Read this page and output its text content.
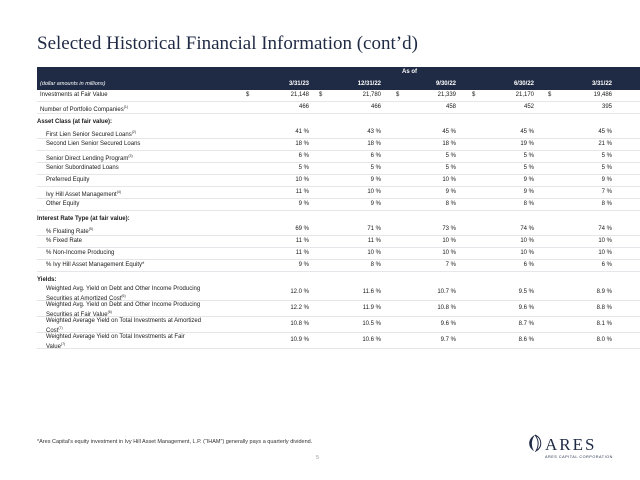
Selected Historical Financial Information (cont’d)
As of
(dollar amounts in millions)	3/31/23	12/31/22	9/30/22	6/30/22	3/31/22
Investments at Fair Value	$	21,148 $	21,780	$	21,339	$	21,170 $	19,486
Number of Portfolio Companies$^{(1)}$	466	466	458	452	395
Asset Class (at fair value):
First Lien Senior Secured Loans$^{(2)}$	41 %	43 %	45 %	45 %	45 %
Second Lien Senior Secured Loans	18 %	18 %	18 %	19 %	21 %
Senior Direct Lending Program$^{(3)}$	6 %	6 %	5 %	5 %	5 %
Senior Subordinated Loans	5 %	5 %	5 %	5 %	5 %
Preferred Equity	10 %	9 %	10 %	9 %	9 %
Ivy Hill Asset Management$^{(4)}$	11 %	10 %	9 %	9 %	7 %
Other Equity	9 %	9 %	8 %	8 %	8 %
Interest Rate Type (at fair value):
% Floating Rate$^{(5)}$	69 %	71 %	73 %	74 %	74 %
% Fixed Rate	11 %	11 %	10 %	10 %	10 %
% Non-Income Producing	11 %	10 %	10 %	10 %	10 %
% Ivy Hill Asset Management Equity*	9 %	8 %	7 %	6 %	6 %
Yields:
Weighted Avg. Yield on Debt and Other Income Producing
Securities at Amortized Cost$^{(6)}$
12.0 %	11.6 %	10.7 %	9.5 %	8.9 %
Weighted Avg. Yield on Debt and Other Income Producing
Securities at Fair Value$^{(6)}$
12.2 %	11.9 %	10.8 %	9.6 %	8.8 %
Weighted Average Yield on Total Investments at Amortized
Cost$^{(7)}$
10.8 %	10.5 %	9.6 %	8.7 %	8.1 %
Weighted Average Yield on Total Investments at Fair
Value$^{(7)}$
10.9 %	10.6 %	9.7 %	8.6 %	8.0 %
*Ares Capital’s equity investment in Ivy Hill Asset Management, L.P. (“IHAM”) generally pays a quarterly dividend.
5
ARES
ARES CAPITAL CORPORATION
